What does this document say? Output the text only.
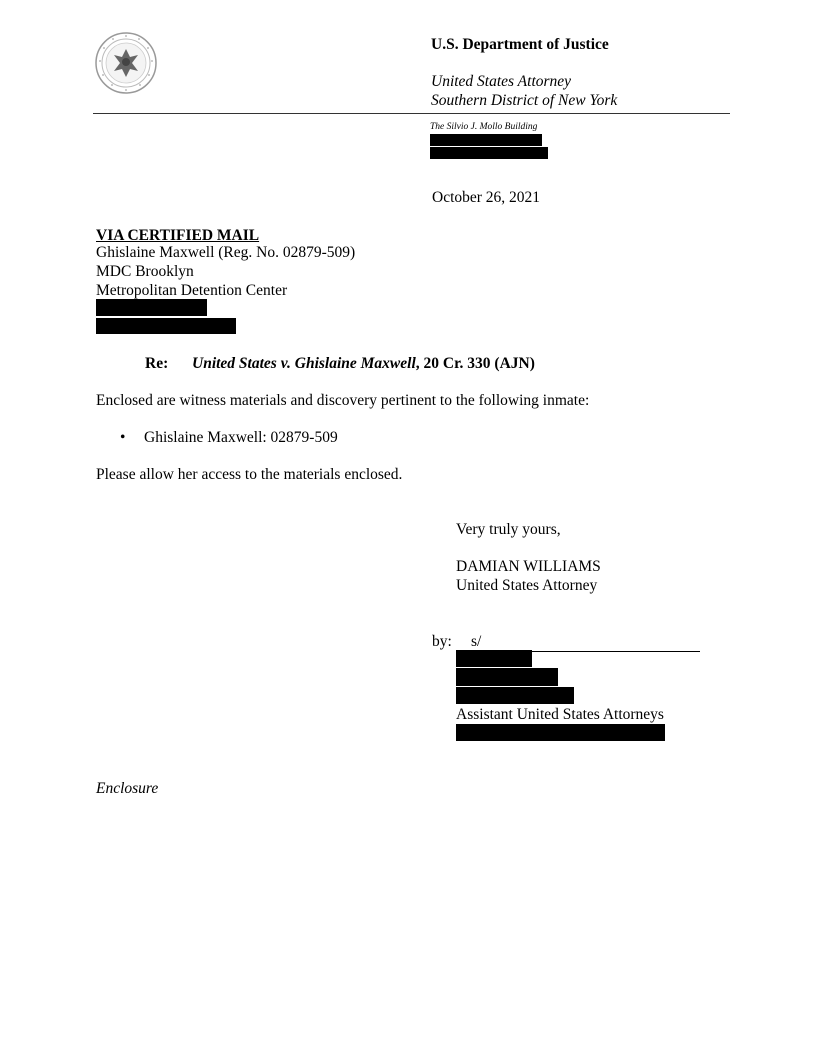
U.S. Department of Justice
United States Attorney
Southern District of New York
The Silvio J. Mollo Building
October 26, 2021
VIA CERTIFIED MAIL
Ghislaine Maxwell (Reg. No. 02879-509)
MDC Brooklyn
Metropolitan Detention Center
Re: United States v. Ghislaine Maxwell, 20 Cr. 330 (AJN)
Enclosed are witness materials and discovery pertinent to the following inmate:
• Ghislaine Maxwell: 02879-509
Please allow her access to the materials enclosed.
Very truly yours,
DAMIAN WILLIAMS
United States Attorney
by: s/
Assistant United States Attorneys
Enclosure
